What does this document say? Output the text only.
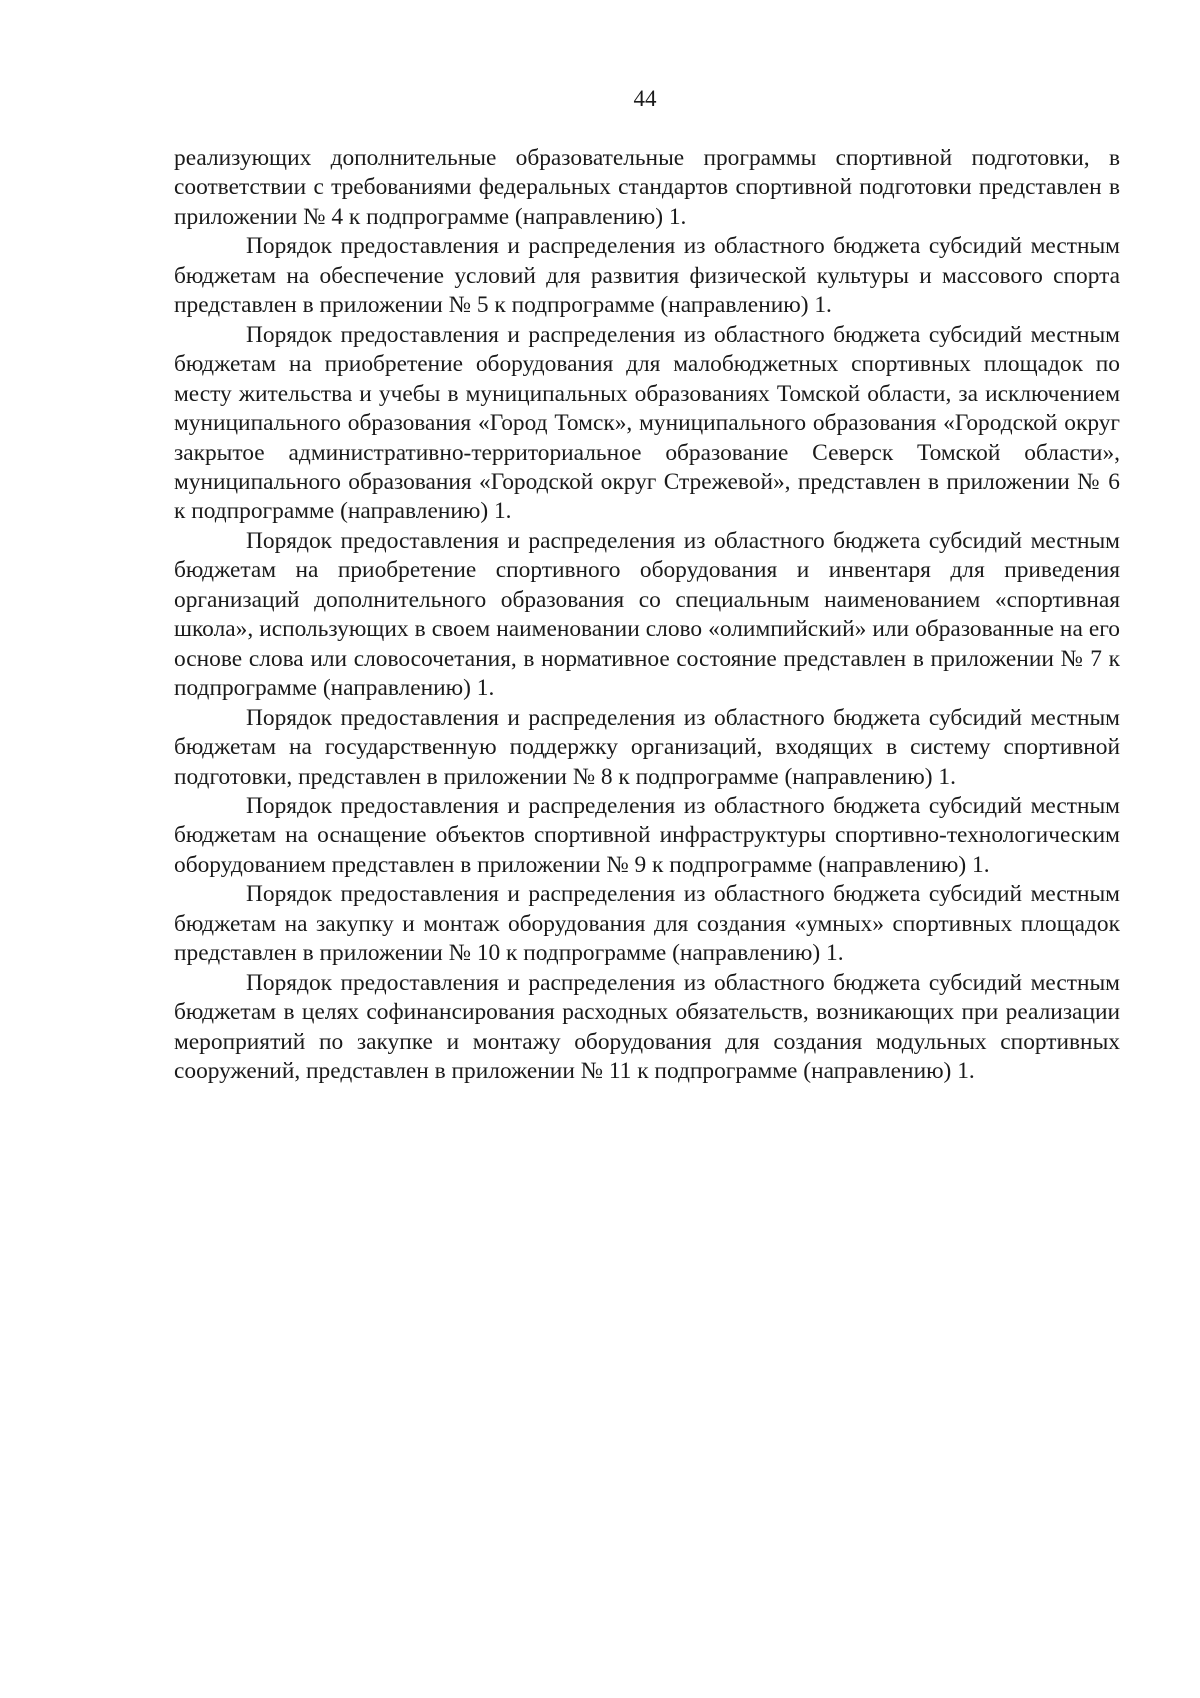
44

реализующих дополнительные образовательные программы спортивной подготовки, в соответствии с требованиями федеральных стандартов спортивной подготовки представлен в приложении № 4 к подпрограмме (направлению) 1.

Порядок предоставления и распределения из областного бюджета субсидий местным бюджетам на обеспечение условий для развития физической культуры и массового спорта представлен в приложении № 5 к подпрограмме (направлению) 1.

Порядок предоставления и распределения из областного бюджета субсидий местным бюджетам на приобретение оборудования для малобюджетных спортивных площадок по месту жительства и учебы в муниципальных образованиях Томской области, за исключением муниципального образования «Город Томск», муниципального образования «Городской округ закрытое административно-территориальное образование Северск Томской области», муниципального образования «Городской округ Стрежевой», представлен в приложении № 6 к подпрограмме (направлению) 1.

Порядок предоставления и распределения из областного бюджета субсидий местным бюджетам на приобретение спортивного оборудования и инвентаря для приведения организаций дополнительного образования со специальным наименованием «спортивная школа», использующих в своем наименовании слово «олимпийский» или образованные на его основе слова или словосочетания, в нормативное состояние представлен в приложении № 7 к подпрограмме (направлению) 1.

Порядок предоставления и распределения из областного бюджета субсидий местным бюджетам на государственную поддержку организаций, входящих в систему спортивной подготовки, представлен в приложении № 8 к подпрограмме (направлению) 1.

Порядок предоставления и распределения из областного бюджета субсидий местным бюджетам на оснащение объектов спортивной инфраструктуры спортивно-технологическим оборудованием представлен в приложении № 9 к подпрограмме (направлению) 1.

Порядок предоставления и распределения из областного бюджета субсидий местным бюджетам на закупку и монтаж оборудования для создания «умных» спортивных площадок представлен в приложении № 10 к подпрограмме (направлению) 1.

Порядок предоставления и распределения из областного бюджета субсидий местным бюджетам в целях софинансирования расходных обязательств, возникающих при реализации мероприятий по закупке и монтажу оборудования для создания модульных спортивных сооружений, представлен в приложении № 11 к подпрограмме (направлению) 1.
